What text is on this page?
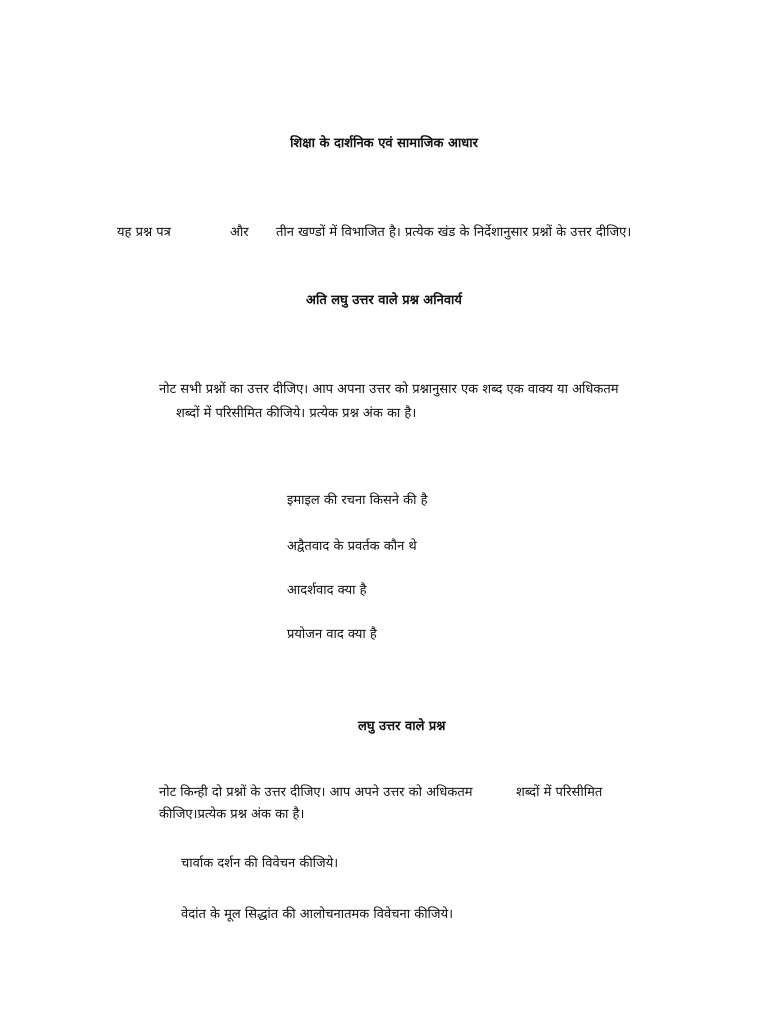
शिक्षा के दार्शनिक एवं सामाजिक आधार
यह प्रश्न पत्र	और तीन खण्डों में विभाजित है। प्रत्येक खंड के निर्देशानुसार प्रश्नों के उत्तर दीजिए।
अति लघु उत्तर वाले प्रश्न अनिवार्य
नोट सभी प्रश्नों का उत्तर दीजिए। आप अपना उत्तर को प्रश्नानुसार एक शब्द एक वाक्य या अधिकतम
शब्दों में परिसीमित कीजिये। प्रत्येक प्रश्न अंक का है।
इमाइल की रचना किसने की है
अद्वैतवाद के प्रवर्तक कौन थे
आदर्शवाद क्या है
प्रयोजन वाद क्या है
लघु उत्तर वाले प्रश्न
नोट किन्ही दो प्रश्नों के उत्तर दीजिए। आप अपने उत्तर को अधिकतम	शब्दों में परिसीमित
कीजिए।प्रत्येक प्रश्न अंक का है।
चार्वाक दर्शन की विवेचन कीजिये।
वेदांत के मूल सिद्धांत की आलोचनातमक विवेचना कीजिये।
